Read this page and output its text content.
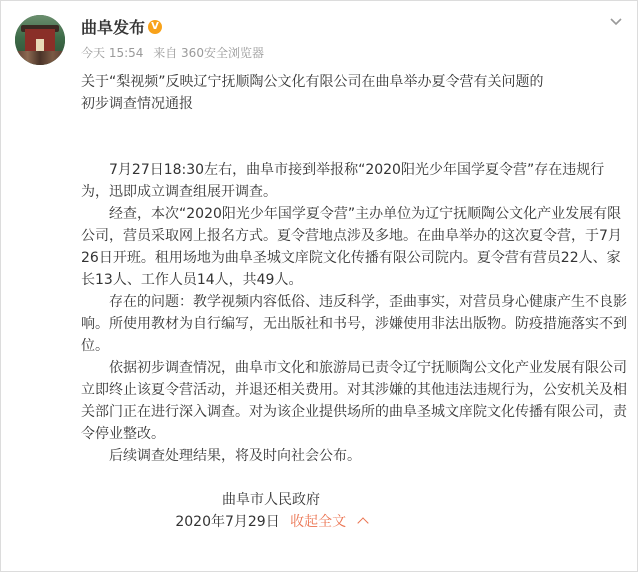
曲阜发布 V
今天 15:54 来自 360安全浏览器

关于“梨视频”反映辽宁抚顺陶公文化有限公司在曲阜举办夏令营有关问题的

初步调查情况通报

7月27日18:30左右，曲阜市接到举报称“2020阳光少年国学夏令营”存在违规行为，迅即成立调查组展开调查。

经查，本次“2020阳光少年国学夏令营”主办单位为辽宁抚顺陶公文化产业发展有限公司，营员采取网上报名方式。夏令营地点涉及多地。在曲阜举办的这次夏令营，于7月26日开班。租用场地为曲阜圣城文庠院文化传播有限公司院内。夏令营有营员22人、家长13人、工作人员14人，共49人。

存在的问题：教学视频内容低俗、违反科学，歪曲事实，对营员身心健康产生不良影响。所使用教材为自行编写，无出版社和书号，涉嫌使用非法出版物。防疫措施落实不到位。

依据初步调查情况，曲阜市文化和旅游局已责令辽宁抚顺陶公文化产业发展有限公司立即终止该夏令营活动，并退还相关费用。对其涉嫌的其他违法违规行为，公安机关及相关部门正在进行深入调查。对为该企业提供场所的曲阜圣城文庠院文化传播有限公司，责令停业整改。

后续调查处理结果，将及时向社会公布。

曲阜市人民政府

2020年7月29日 收起全文
